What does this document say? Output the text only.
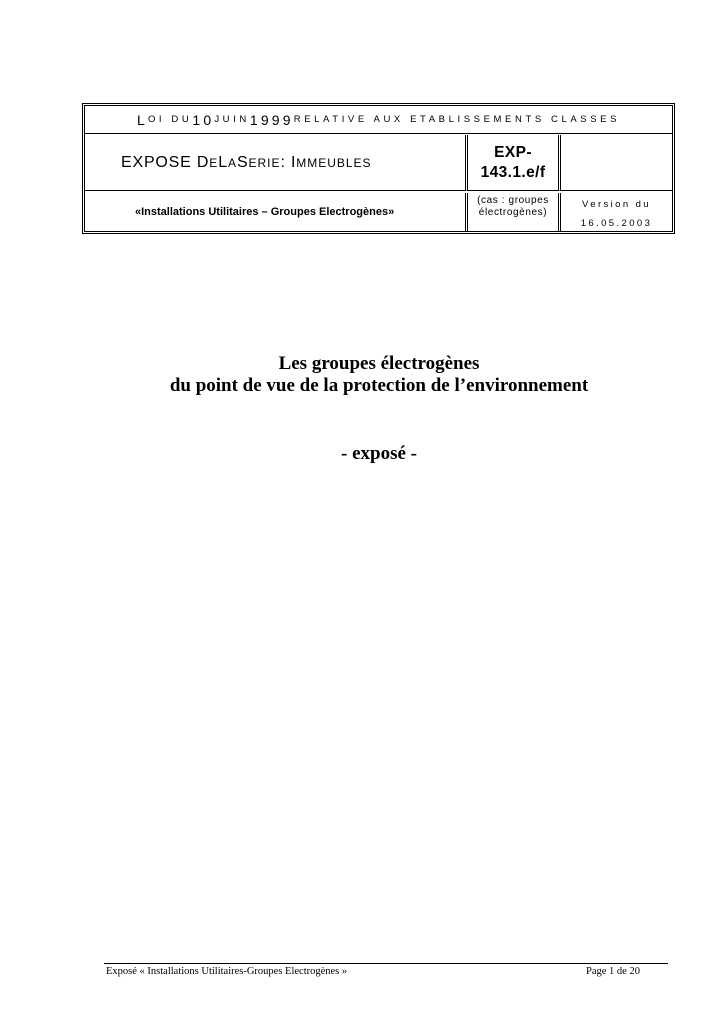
L OI DU 10 JUIN 1999 RELATIVE AUX ETABLISSEMENTS CLASSES
EXPOSE D E L A S ERIE : I MMEUBLES
EXP-
143.1.e/f
«Installations Utilitaires – Groupes Electrogènes»
(cas : groupes
électrogènes)
Version du
16.05.2003
Les groupes électrogènes
du point de vue de la protection de l’environnement
- exposé -
Exposé « Installations Utilitaires-Groupes Electrogènes »	Page 1 de 20
